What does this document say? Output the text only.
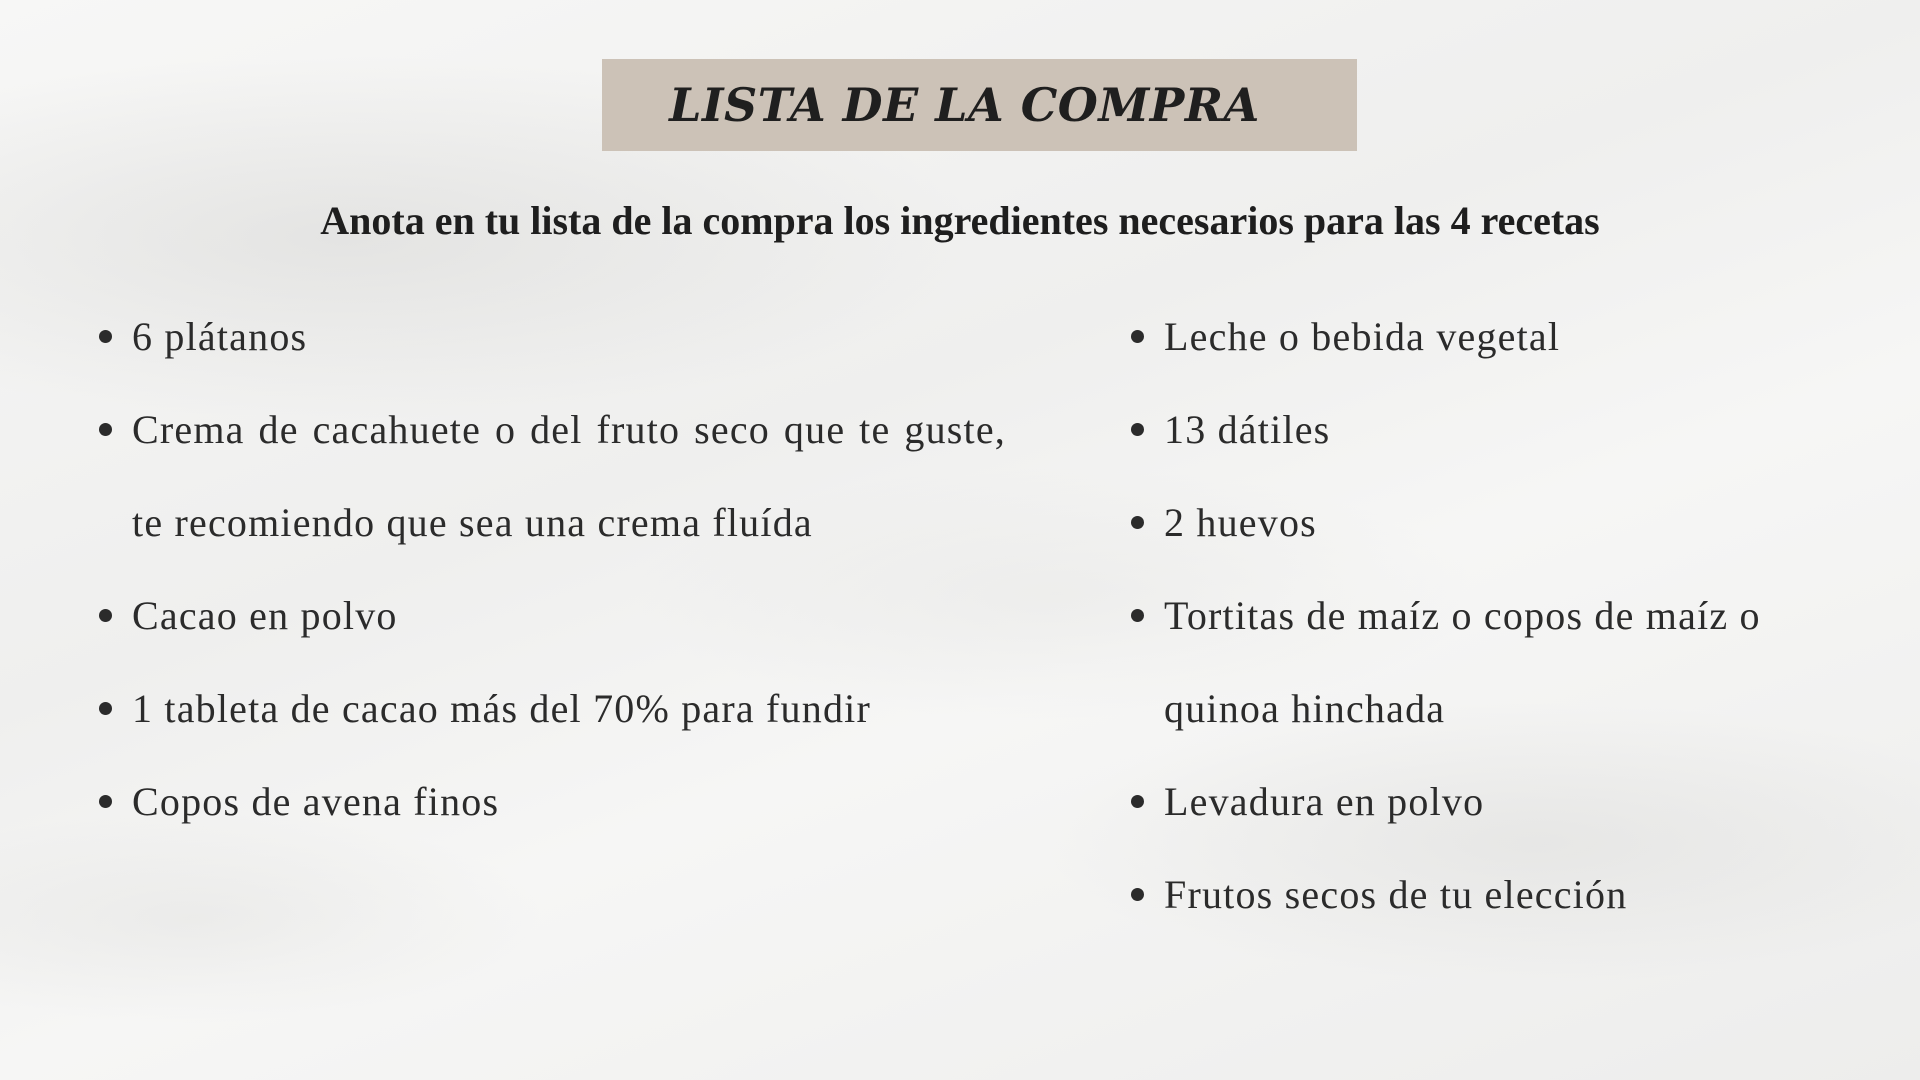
LISTA DE LA COMPRA
Anota en tu lista de la compra los ingredientes necesarios para las 4 recetas
6 plátanos
Crema de cacahuete o del fruto seco que te guste, te recomiendo que sea una crema fluída
Cacao en polvo
1 tableta de cacao más del 70% para fundir
Copos de avena finos
Leche o bebida vegetal
13 dátiles
2 huevos
Tortitas de maíz o copos de maíz o quinoa hinchada
Levadura en polvo
Frutos secos de tu elección
